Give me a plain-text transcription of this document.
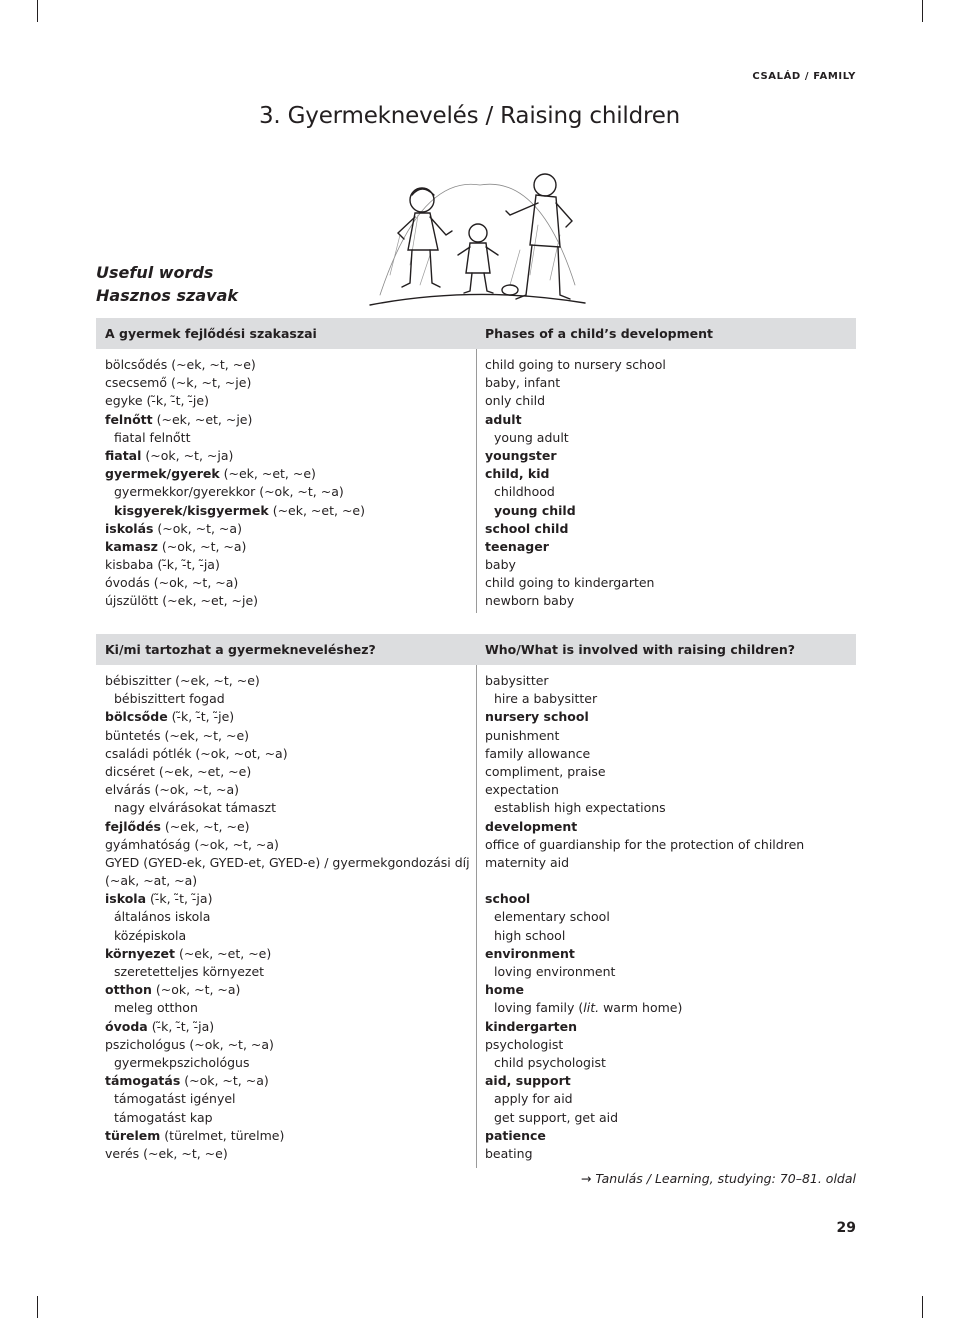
CSALÁD / FAMILY
3. Gyermeknevelés / Raising children
Useful words
Hasznos szavak
A gyermek fejlődési szakaszai	Phases of a child’s development
bölcsődés (~ek, ~t, ~e)
csecsemő (~k, ~t, ~je)
egyke (-̃k, -̃t, -̃je)
felnőtt (~ek, ~et, ~je)
fiatal felnőtt
fiatal (~ok, ~t, ~ja)
gyermek/gyerek (~ek, ~et, ~e)
gyermekkor/gyerekkor (~ok, ~t, ~a)
kisgyerek/kisgyermek (~ek, ~et, ~e)
iskolás (~ok, ~t, ~a)
kamasz (~ok, ~t, ~a)
kisbaba (-̃k, -̃t, -̃ja)
óvodás (~ok, ~t, ~a)
újszülött (~ek, ~et, ~je)
child going to nursery school
baby, infant
only child
adult
young adult
youngster
child, kid
childhood
young child
school child
teenager
baby
child going to kindergarten
newborn baby
Ki/mi tartozhat a gyermekneveléshez?	Who/What is involved with raising children?
bébiszitter (~ek, ~t, ~e)
bébiszittert fogad
bölcsőde (-̃k, -̃t, -̃je)
büntetés (~ek, ~t, ~e)
családi pótlék (~ok, ~ot, ~a)
dicséret (~ek, ~et, ~e)
elvárás (~ok, ~t, ~a)
nagy elvárásokat támaszt
fejlődés (~ek, ~t, ~e)
gyámhatóság (~ok, ~t, ~a)
GYED (GYED-ek, GYED-et, GYED-e) / gyermekgondozási díj
(~ak, ~at, ~a)
iskola (-̃k, -̃t, -̃ja)
általános iskola
középiskola
környezet (~ek, ~et, ~e)
szeretetteljes környezet
otthon (~ok, ~t, ~a)
meleg otthon
óvoda (-̃k, -̃t, -̃ja)
pszichológus (~ok, ~t, ~a)
gyermekpszichológus
támogatás (~ok, ~t, ~a)
támogatást igényel
támogatást kap
türelem (türelmet, türelme)
verés (~ek, ~t, ~e)
babysitter
hire a babysitter
nursery school
punishment
family allowance
compliment, praise
expectation
establish high expectations
development
office of guardianship for the protection of children
maternity aid
school
elementary school
high school
environment
loving environment
home
loving family (lit. warm home)
kindergarten
psychologist
child psychologist
aid, support
apply for aid
get support, get aid
patience
beating
→ Tanulás / Learning, studying: 70–81. oldal
29
